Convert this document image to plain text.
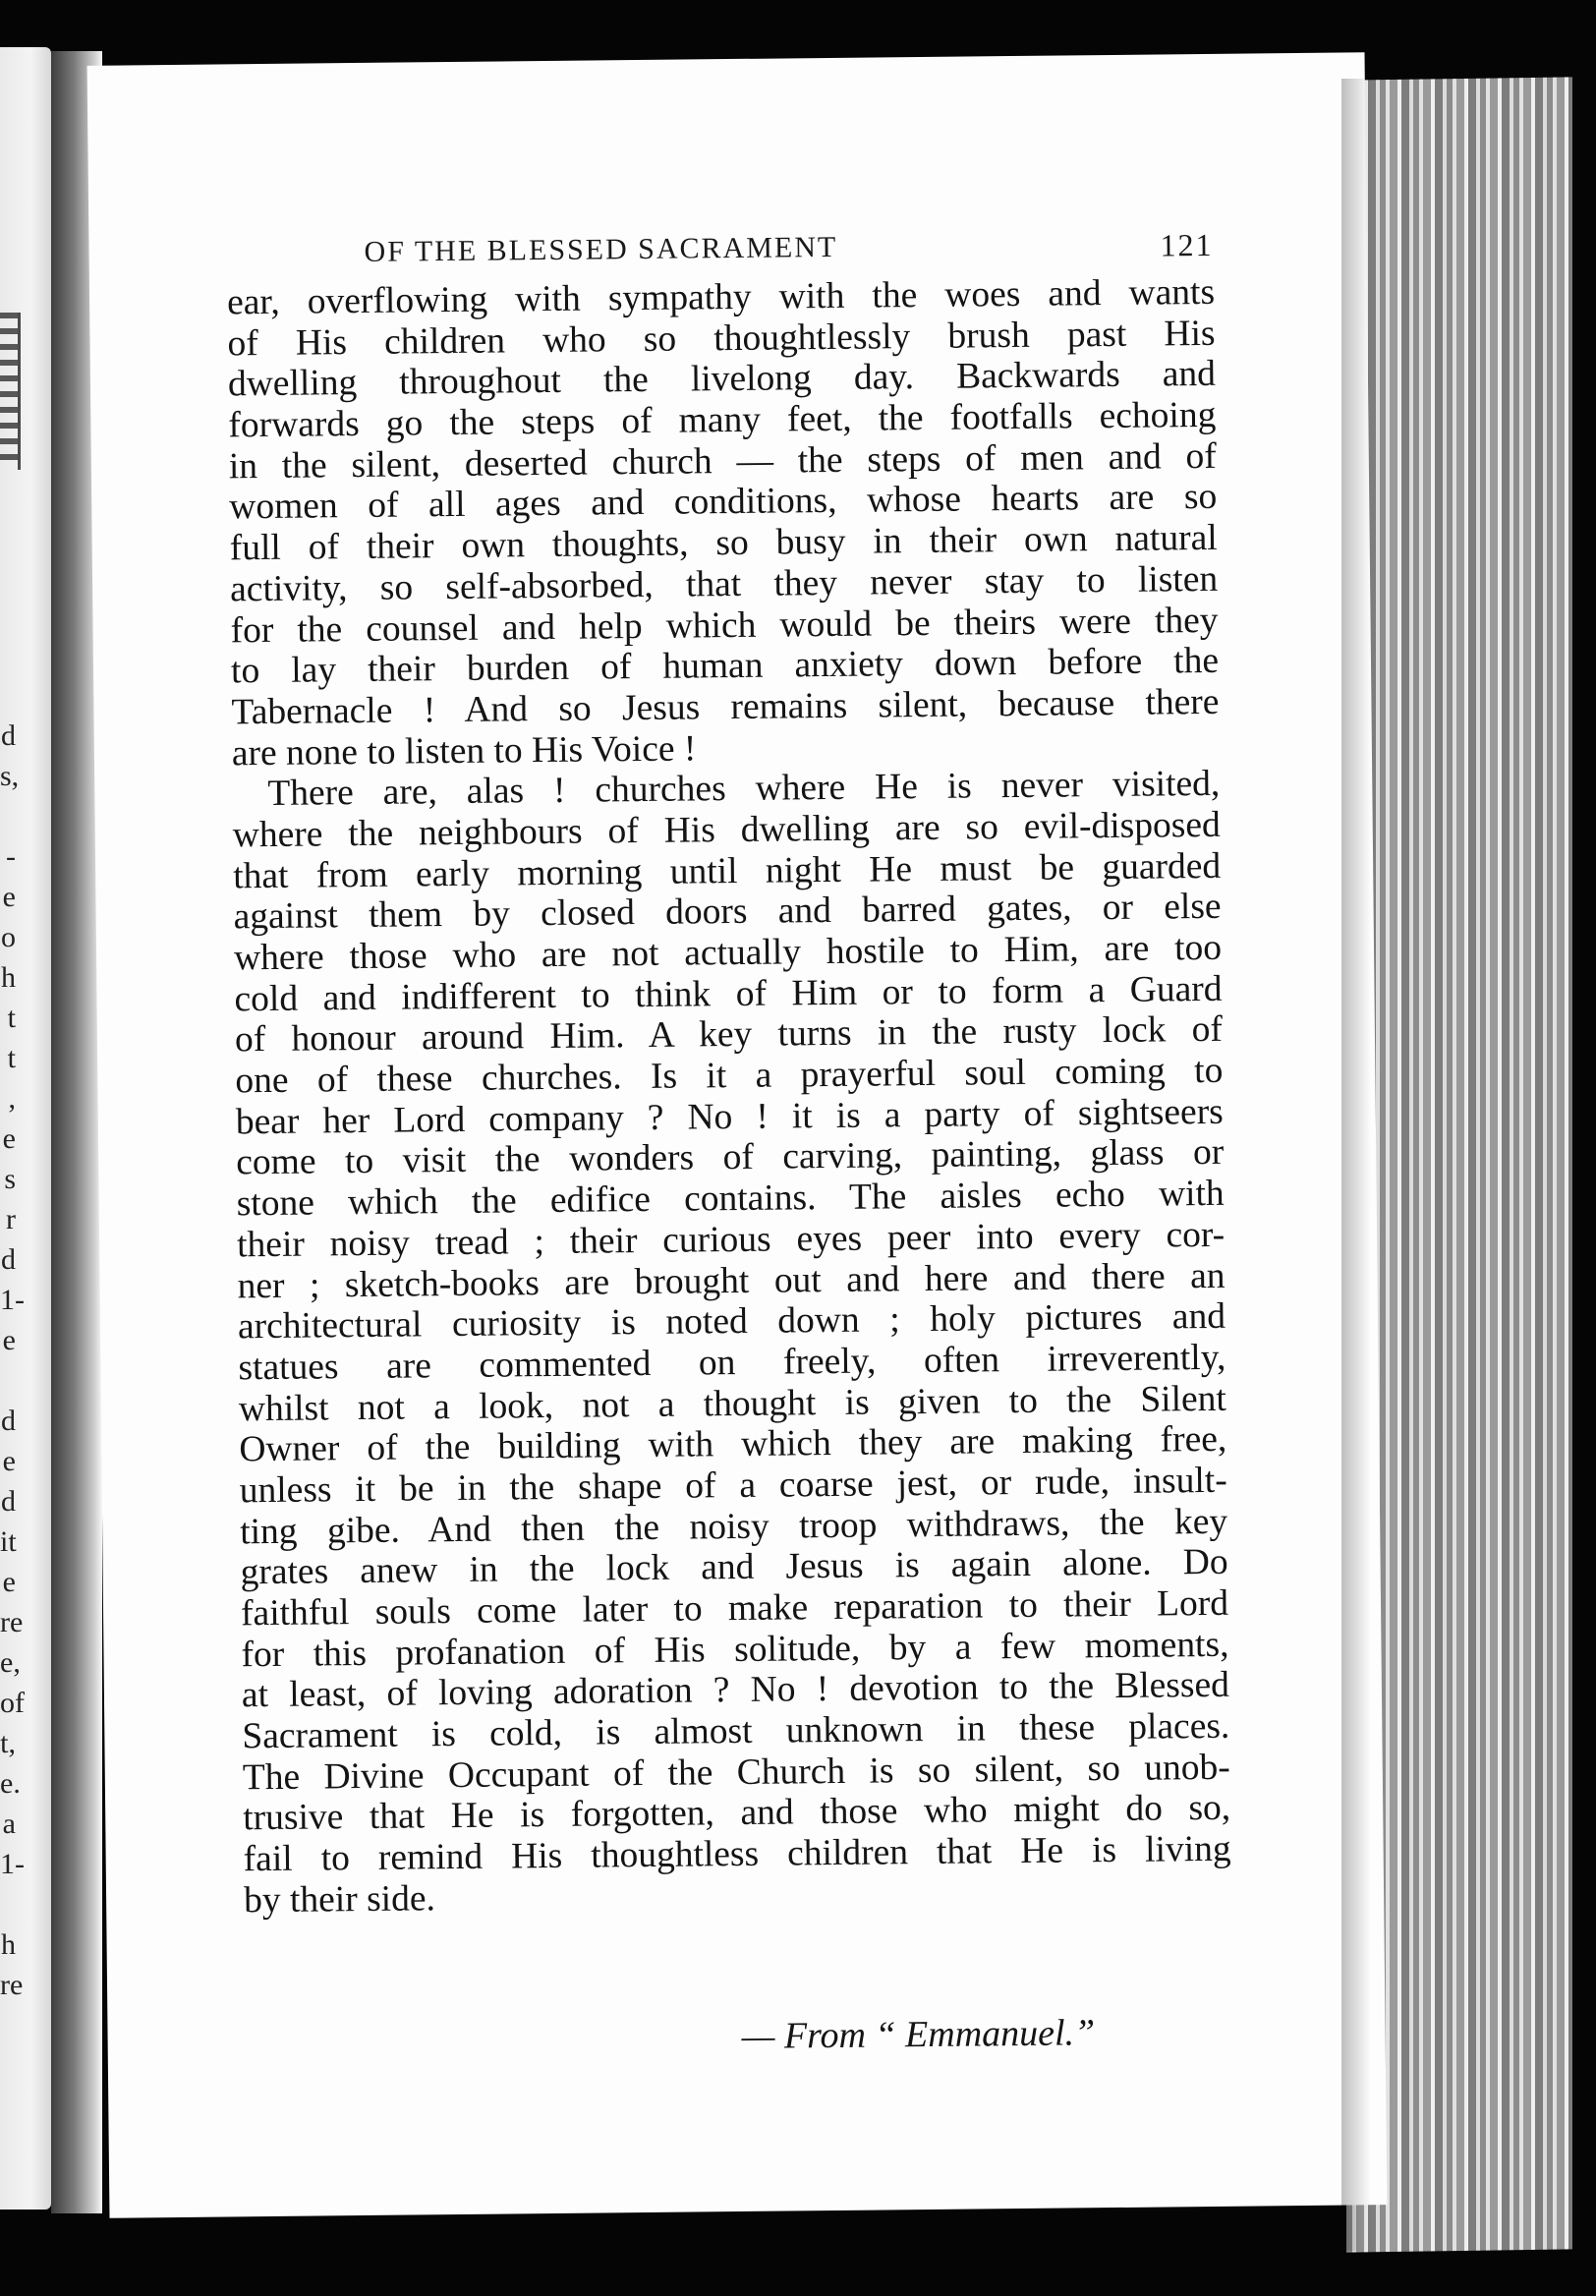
d
s,
-
e
o
h
t
t
,
e
s
r
d
1-
e
d
e
d
it
e
re
e,
of
t,
e.
a
1-
h
re
OF THE BLESSED SACRAMENT	121
ear, overflowing with sympathy with the woes and wants
of His children who so thoughtlessly brush past His
dwelling throughout the livelong day. Backwards and
forwards go the steps of many feet, the footfalls echoing
in the silent, deserted church — the steps of men and of
women of all ages and conditions, whose hearts are so
full of their own thoughts, so busy in their own natural
activity, so self-absorbed, that they never stay to listen
for the counsel and help which would be theirs were they
to lay their burden of human anxiety down before the
Tabernacle ! And so Jesus remains silent, because there
are none to listen to His Voice !
There are, alas ! churches where He is never visited,
where the neighbours of His dwelling are so evil-disposed
that from early morning until night He must be guarded
against them by closed doors and barred gates, or else
where those who are not actually hostile to Him, are too
cold and indifferent to think of Him or to form a Guard
of honour around Him. A key turns in the rusty lock of
one of these churches. Is it a prayerful soul coming to
bear her Lord company ? No ! it is a party of sightseers
come to visit the wonders of carving, painting, glass or
stone which the edifice contains. The aisles echo with
their noisy tread ; their curious eyes peer into every cor-
ner ; sketch-books are brought out and here and there an
architectural curiosity is noted down ; holy pictures and
statues are commented on freely, often irreverently,
whilst not a look, not a thought is given to the Silent
Owner of the building with which they are making free,
unless it be in the shape of a coarse jest, or rude, insult-
ting gibe. And then the noisy troop withdraws, the key
grates anew in the lock and Jesus is again alone. Do
faithful souls come later to make reparation to their Lord
for this profanation of His solitude, by a few moments,
at least, of loving adoration ? No ! devotion to the Blessed
Sacrament is cold, is almost unknown in these places.
The Divine Occupant of the Church is so silent, so unob-
trusive that He is forgotten, and those who might do so,
fail to remind His thoughtless children that He is living
by their side.
— From “ Emmanuel.”
